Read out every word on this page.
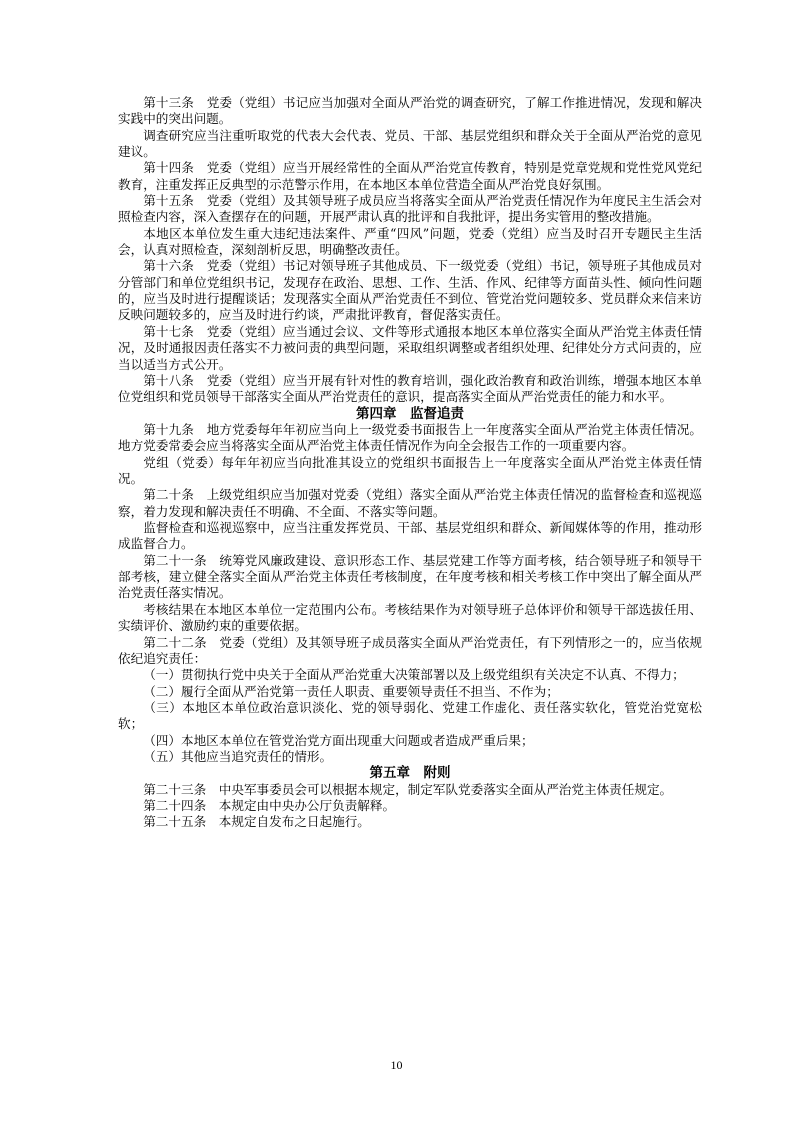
第十三条　党委（党组）书记应当加强对全面从严治党的调查研究，了解工作推进情况，发现和解决实践中的突出问题。

调查研究应当注重听取党的代表大会代表、党员、干部、基层党组织和群众关于全面从严治党的意见建议。

第十四条　党委（党组）应当开展经常性的全面从严治党宣传教育，特别是党章党规和党性党风党纪教育，注重发挥正反典型的示范警示作用，在本地区本单位营造全面从严治党良好氛围。

第十五条　党委（党组）及其领导班子成员应当将落实全面从严治党责任情况作为年度民主生活会对照检查内容，深入查摆存在的问题，开展严肃认真的批评和自我批评，提出务实管用的整改措施。

本地区本单位发生重大违纪违法案件、严重“四风”问题，党委（党组）应当及时召开专题民主生活会，认真对照检查，深刻剖析反思，明确整改责任。

第十六条　党委（党组）书记对领导班子其他成员、下一级党委（党组）书记，领导班子其他成员对分管部门和单位党组织书记，发现存在政治、思想、工作、生活、作风、纪律等方面苗头性、倾向性问题的，应当及时进行提醒谈话；发现落实全面从严治党责任不到位、管党治党问题较多、党员群众来信来访反映问题较多的，应当及时进行约谈，严肃批评教育，督促落实责任。

第十七条　党委（党组）应当通过会议、文件等形式通报本地区本单位落实全面从严治党主体责任情况，及时通报因责任落实不力被问责的典型问题，采取组织调整或者组织处理、纪律处分方式问责的，应当以适当方式公开。

第十八条　党委（党组）应当开展有针对性的教育培训，强化政治教育和政治训练，增强本地区本单位党组织和党员领导干部落实全面从严治党责任的意识，提高落实全面从严治党责任的能力和水平。

第四章　监督追责

第十九条　地方党委每年年初应当向上一级党委书面报告上一年度落实全面从严治党主体责任情况。地方党委常委会应当将落实全面从严治党主体责任情况作为向全会报告工作的一项重要内容。

党组（党委）每年年初应当向批准其设立的党组织书面报告上一年度落实全面从严治党主体责任情况。

第二十条　上级党组织应当加强对党委（党组）落实全面从严治党主体责任情况的监督检查和巡视巡察，着力发现和解决责任不明确、不全面、不落实等问题。

监督检查和巡视巡察中，应当注重发挥党员、干部、基层党组织和群众、新闻媒体等的作用，推动形成监督合力。

第二十一条　统筹党风廉政建设、意识形态工作、基层党建工作等方面考核，结合领导班子和领导干部考核，建立健全落实全面从严治党主体责任考核制度，在年度考核和相关考核工作中突出了解全面从严治党责任落实情况。

考核结果在本地区本单位一定范围内公布。考核结果作为对领导班子总体评价和领导干部选拔任用、实绩评价、激励约束的重要依据。

第二十二条　党委（党组）及其领导班子成员落实全面从严治党责任，有下列情形之一的，应当依规依纪追究责任：

（一）贯彻执行党中央关于全面从严治党重大决策部署以及上级党组织有关决定不认真、不得力；

（二）履行全面从严治党第一责任人职责、重要领导责任不担当、不作为；

（三）本地区本单位政治意识淡化、党的领导弱化、党建工作虚化、责任落实软化，管党治党宽松软；

（四）本地区本单位在管党治党方面出现重大问题或者造成严重后果；

（五）其他应当追究责任的情形。

第五章　附则

第二十三条　中央军事委员会可以根据本规定，制定军队党委落实全面从严治党主体责任规定。

第二十四条　本规定由中央办公厅负责解释。

第二十五条　本规定自发布之日起施行。

10
